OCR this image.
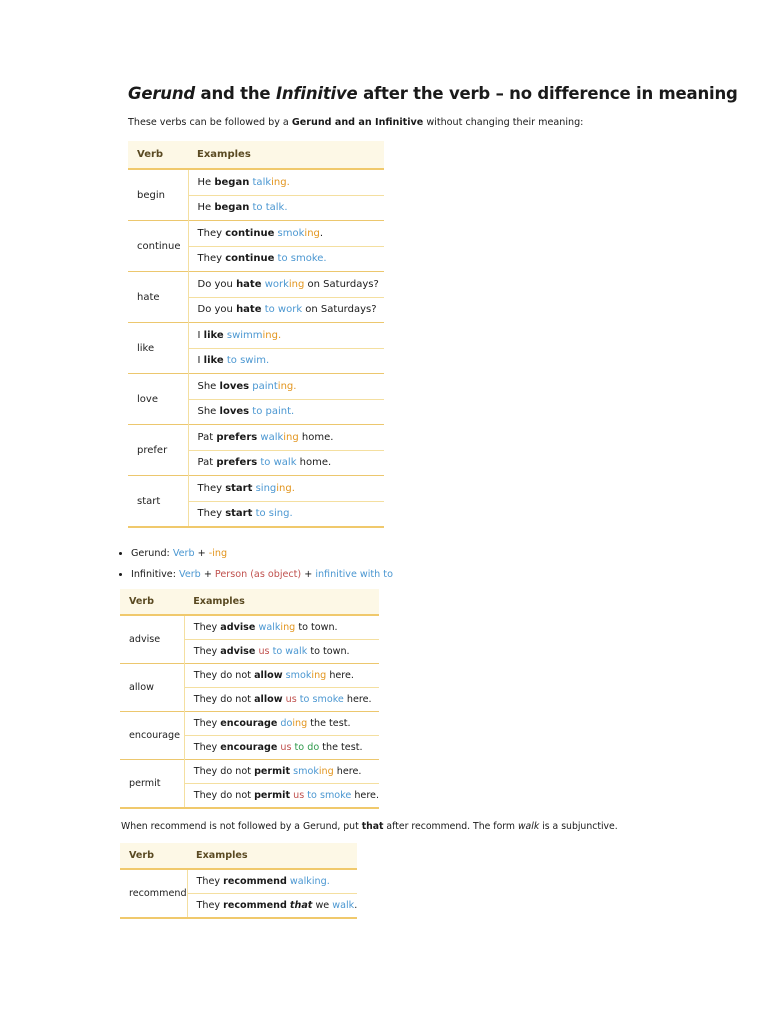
Gerund and the Infinitive after the verb – no difference in meaning

These verbs can be followed by a Gerund and an Infinitive without changing their meaning:

Verb	Examples
begin	He began talking.
	He began to talk.
continue	They continue smoking.
	They continue to smoke.
hate	Do you hate working on Saturdays?
	Do you hate to work on Saturdays?
like	I like swimming.
	I like to swim.
love	She loves painting.
	She loves to paint.
prefer	Pat prefers walking home.
	Pat prefers to walk home.
start	They start singing.
	They start to sing.
• Gerund: Verb + -ing
• Infinitive: Verb + Person (as object) + infinitive with to
Verb	Examples
advise	They advise walking to town.
	They advise us to walk to town.
allow	They do not allow smoking here.
	They do not allow us to smoke here.
encourage	They encourage doing the test.
	They encourage us to do the test.
permit	They do not permit smoking here.
	They do not permit us to smoke here.

When recommend is not followed by a Gerund, put that after recommend. The form walk is a subjunctive.

Verb	Examples
recommend	They recommend walking.
	They recommend that we walk.
